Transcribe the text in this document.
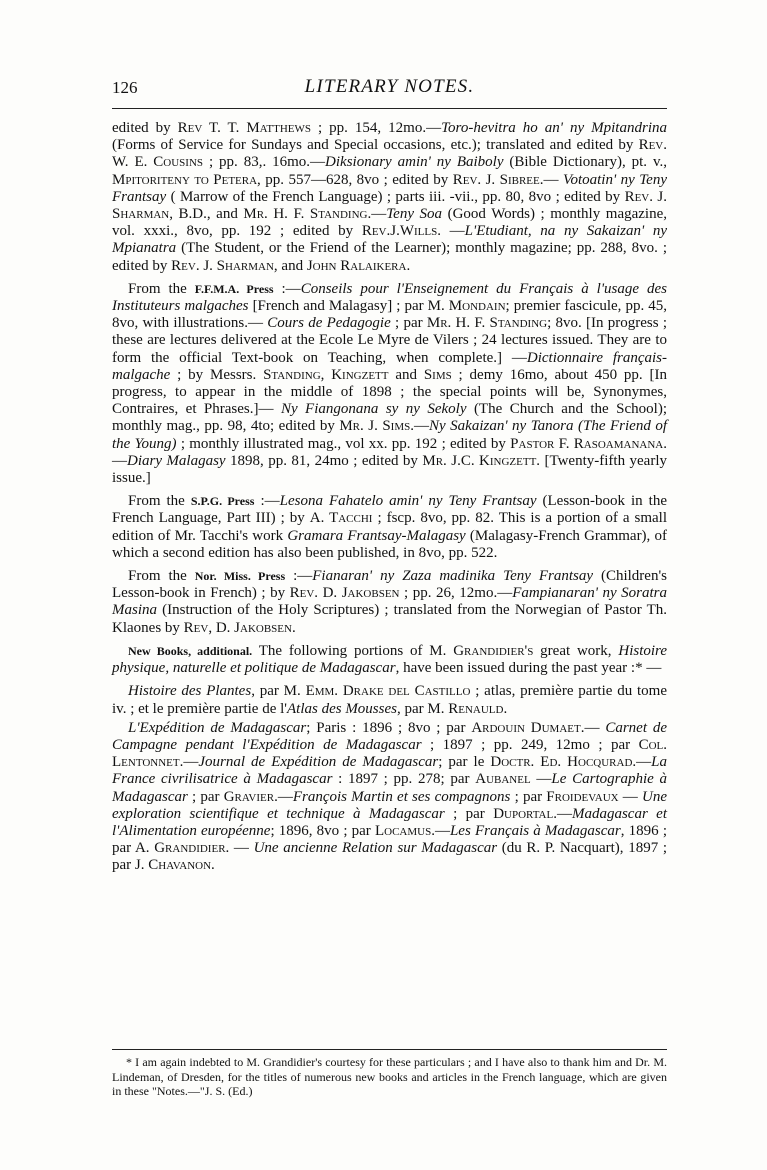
126	LITERARY NOTES.

edited by Rev T. T. Matthews ; pp. 154, 12mo.—Toro-hevitra ho an' ny Mpitandrina (Forms of Service for Sundays and Special occasions, etc.); translated and edited by Rev. W. E. Cousins ; pp. 83,. 16mo.—Diksionary amin' ny Baiboly (Bible Dictionary), pt. v., Mpitoriteny to Petera, pp. 557—628, 8vo ; edited by Rev. J. Sibree.— Votoatin' ny Teny Frantsay ( Marrow of the French Language) ; parts iii. -vii., pp. 80, 8vo ; edited by Rev. J. Sharman, B.D., and Mr. H. F. Standing.—Teny Soa (Good Words) ; monthly magazine, vol. xxxi., 8vo, pp. 192 ; edited by Rev.J.Wills. —L'Etudiant, na ny Sakaizan' ny Mpianatra (The Student, or the Friend of the Learner); monthly magazine; pp. 288, 8vo. ; edited by Rev. J. Sharman, and John Ralaikera.

From the F.F.M.A. Press :—Conseils pour l'Enseignement du Français à l'usage des Instituteurs malgaches [French and Malagasy] ; par M. Mondain; premier fascicule, pp. 45, 8vo, with illustrations.— Cours de Pedagogie ; par Mr. H. F. Standing; 8vo. [In progress ; these are lectures delivered at the Ecole Le Myre de Vilers ; 24 lectures issued. They are to form the official Text-book on Teaching, when complete.] —Dictionnaire français-malgache ; by Messrs. Standing, Kingzett and Sims ; demy 16mo, about 450 pp. [In progress, to appear in the middle of 1898 ; the special points will be, Synonymes, Contraires, et Phrases.]— Ny Fiangonana sy ny Sekoly (The Church and the School); monthly mag., pp. 98, 4to; edited by Mr. J. Sims.—Ny Sakaizan' ny Tanora (The Friend of the Young) ; monthly illustrated mag., vol xx. pp. 192 ; edited by Pastor F. Rasoamanana.—Diary Malagasy 1898, pp. 81, 24mo ; edited by Mr. J.C. Kingzett. [Twenty-fifth yearly issue.]

From the S.P.G. Press :—Lesona Fahatelo amin' ny Teny Frantsay (Lesson-book in the French Language, Part III) ; by A. Tacchi ; fscp. 8vo, pp. 82. This is a portion of a small edition of Mr. Tacchi's work Gramara Frantsay-Malagasy (Malagasy-French Grammar), of which a second edition has also been published, in 8vo, pp. 522.

From the Nor. Miss. Press :—Fianaran' ny Zaza madinika Teny Frantsay (Children's Lesson-book in French) ; by Rev. D. Jakobsen ; pp. 26, 12mo.—Fampianaran' ny Soratra Masina (Instruction of the Holy Scriptures) ; translated from the Norwegian of Pastor Th. Klaones by Rev, D. Jakobsen.

New Books, additional. The following portions of M. Grandidier's great work, Histoire physique, naturelle et politique de Madagascar, have been issued during the past year :* —

Histoire des Plantes, par M. Emm. Drake del Castillo ; atlas, première partie du tome iv. ; et le première partie de l'Atlas des Mousses, par M. Renauld.

L'Expédition de Madagascar; Paris : 1896 ; 8vo ; par Ardouin Dumaet.— Carnet de Campagne pendant l'Expédition de Madagascar ; 1897 ; pp. 249, 12mo ; par Col. Lentonnet.—Journal de Expédition de Madagascar; par le Doctr. Ed. Hocqurad.—La France civrilisatrice à Madagascar : 1897 ; pp. 278; par Aubanel —Le Cartographie à Madagascar ; par Gravier.—François Martin et ses compagnons ; par Froidevaux — Une exploration scientifique et technique à Madagascar ; par Duportal.—Madagascar et l'Alimentation européenne; 1896, 8vo ; par Locamus.—Les Français à Madagascar, 1896 ; par A. Grandidier. — Une ancienne Relation sur Madagascar (du R. P. Nacquart), 1897 ; par J. Chavanon.

* I am again indebted to M. Grandidier's courtesy for these particulars ; and I have also to thank him and Dr. M. Lindeman, of Dresden, for the titles of numerous new books and articles in the French language, which are given in these "Notes.—"J. S. (Ed.)
